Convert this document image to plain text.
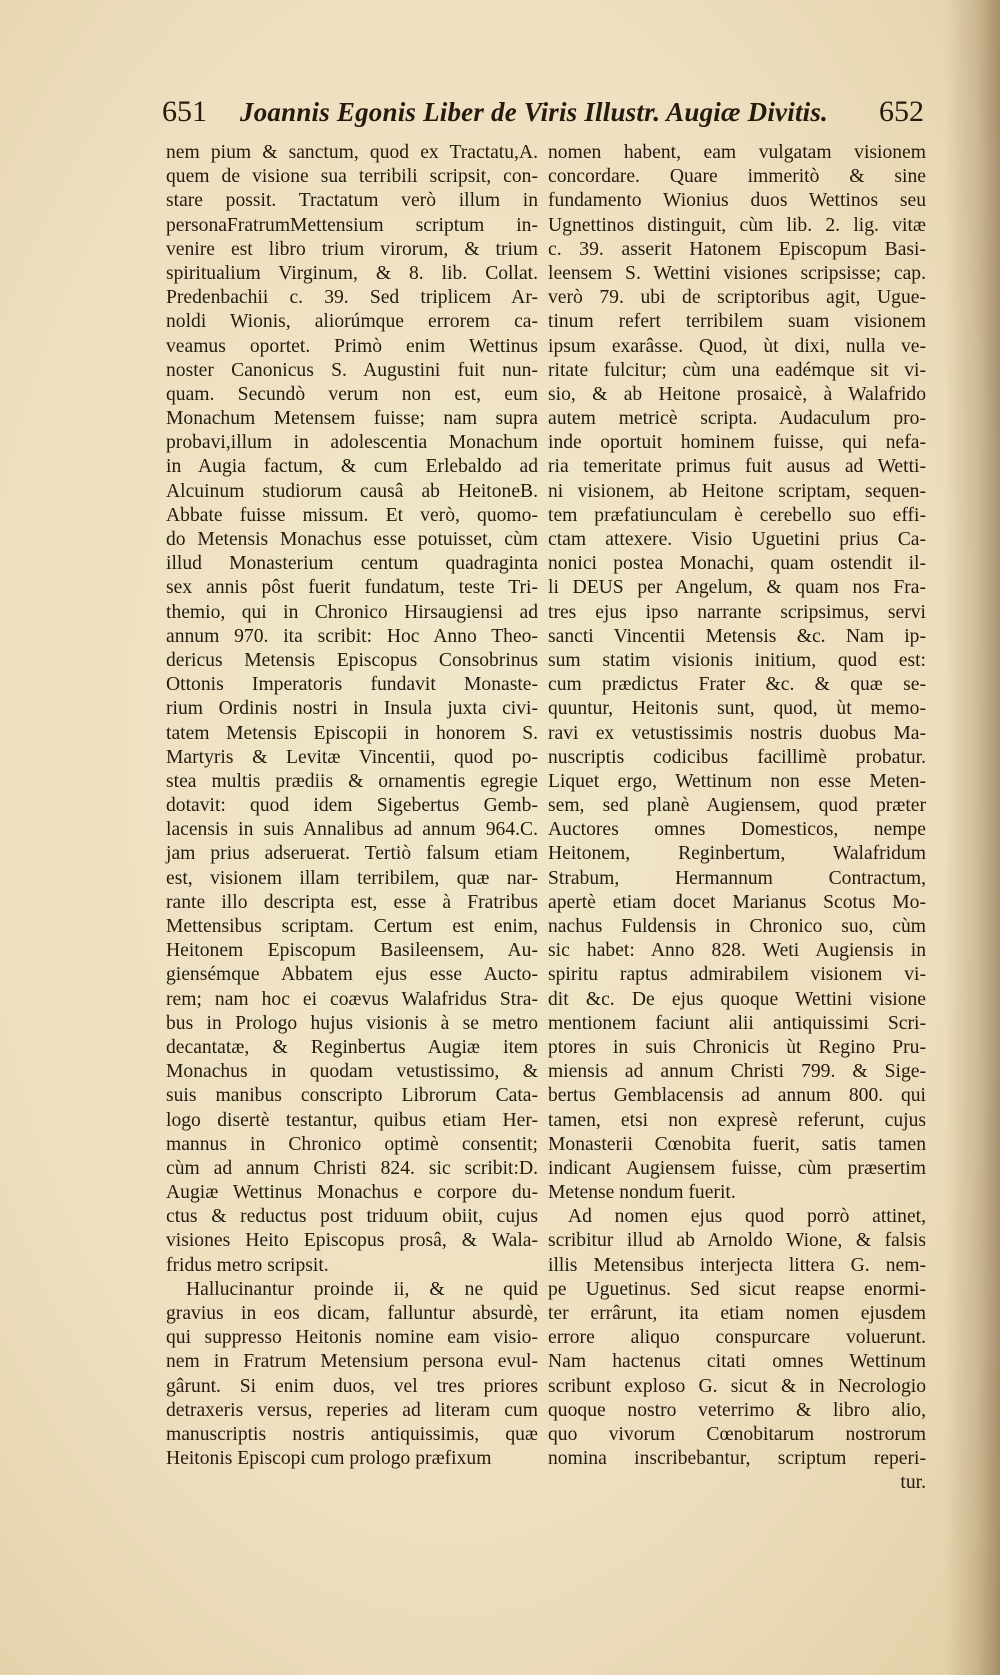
651 Joannis Egonis Liber de Viris Illustr. Augiæ Divitis. 652
nem pium & sanctum, quod ex Tractatu,A.
quem de visione sua terribili scripsit, con-
stare possit. Tractatum verò illum in
personaFratrumMettensium scriptum in-
venire est libro trium virorum, & trium
spiritualium Virginum, & 8. lib. Collat.
Predenbachii c. 39. Sed triplicem Ar-
noldi Wionis, aliorúmque errorem ca-
veamus oportet. Primò enim Wettinus
noster Canonicus S. Augustini fuit nun-
quam. Secundò verum non est, eum
Monachum Metensem fuisse; nam supra
probavi,illum in adolescentia Monachum
in Augia factum, & cum Erlebaldo ad
Alcuinum studiorum causâ ab HeitoneB.
Abbate fuisse missum. Et verò, quomo-
do Metensis Monachus esse potuisset, cùm
illud Monasterium centum quadraginta
sex annis pôst fuerit fundatum, teste Tri-
themio, qui in Chronico Hirsaugiensi ad
annum 970. ita scribit: Hoc Anno Theo-
dericus Metensis Episcopus Consobrinus
Ottonis Imperatoris fundavit Monaste-
rium Ordinis nostri in Insula juxta civi-
tatem Metensis Episcopii in honorem S.
Martyris & Levitæ Vincentii, quod po-
stea multis prædiis & ornamentis egregie
dotavit: quod idem Sigebertus Gemb-
lacensis in suis Annalibus ad annum 964.C.
jam prius adseruerat. Tertiò falsum etiam
est, visionem illam terribilem, quæ nar-
rante illo descripta est, esse à Fratribus
Mettensibus scriptam. Certum est enim,
Heitonem Episcopum Basileensem, Au-
giensémque Abbatem ejus esse Aucto-
rem; nam hoc ei coævus Walafridus Stra-
bus in Prologo hujus visionis à se metro
decantatæ, & Reginbertus Augiæ item
Monachus in quodam vetustissimo, &
suis manibus conscripto Librorum Cata-
logo disertè testantur, quibus etiam Her-
mannus in Chronico optimè consentit;
cùm ad annum Christi 824. sic scribit:D.
Augiæ Wettinus Monachus e corpore du-
ctus & reductus post triduum obiit, cujus
visiones Heito Episcopus prosâ, & Wala-
fridus metro scripsit.
Hallucinantur proinde ii, & ne quid
gravius in eos dicam, falluntur absurdè,
qui suppresso Heitonis nomine eam visio-
nem in Fratrum Metensium persona evul-
gârunt. Si enim duos, vel tres priores
detraxeris versus, reperies ad literam cum
manuscriptis nostris antiquissimis, quæ
Heitonis Episcopi cum prologo præfixum
nomen habent, eam vulgatam visionem
concordare. Quare immeritò & sine
fundamento Wionius duos Wettinos seu
Ugnettinos distinguit, cùm lib. 2. lig. vitæ
c. 39. asserit Hatonem Episcopum Basi-
leensem S. Wettini visiones scripsisse; cap.
verò 79. ubi de scriptoribus agit, Ugue-
tinum refert terribilem suam visionem
ipsum exarâsse. Quod, ùt dixi, nulla ve-
ritate fulcitur; cùm una eadémque sit vi-
sio, & ab Heitone prosaicè, à Walafrido
autem metricè scripta. Audaculum pro-
inde oportuit hominem fuisse, qui nefa-
ria temeritate primus fuit ausus ad Wetti-
ni visionem, ab Heitone scriptam, sequen-
tem præfatiunculam è cerebello suo effi-
ctam attexere. Visio Uguetini prius Ca-
nonici postea Monachi, quam ostendit il-
li DEUS per Angelum, & quam nos Fra-
tres ejus ipso narrante scripsimus, servi
sancti Vincentii Metensis &c. Nam ip-
sum statim visionis initium, quod est:
cum prædictus Frater &c. & quæ se-
quuntur, Heitonis sunt, quod, ùt memo-
ravi ex vetustissimis nostris duobus Ma-
nuscriptis codicibus facillimè probatur.
Liquet ergo, Wettinum non esse Meten-
sem, sed planè Augiensem, quod præter
Auctores omnes Domesticos, nempe
Heitonem, Reginbertum, Walafridum
Strabum, Hermannum Contractum,
apertè etiam docet Marianus Scotus Mo-
nachus Fuldensis in Chronico suo, cùm
sic habet: Anno 828. Weti Augiensis in
spiritu raptus admirabilem visionem vi-
dit &c. De ejus quoque Wettini visione
mentionem faciunt alii antiquissimi Scri-
ptores in suis Chronicis ùt Regino Pru-
miensis ad annum Christi 799. & Sige-
bertus Gemblacensis ad annum 800. qui
tamen, etsi non expresè referunt, cujus
Monasterii Cœnobita fuerit, satis tamen
indicant Augiensem fuisse, cùm præsertim
Metense nondum fuerit.
Ad nomen ejus quod porrò attinet,
scribitur illud ab Arnoldo Wione, & falsis
illis Metensibus interjecta littera G. nem-
pe Uguetinus. Sed sicut reapse enormi-
ter errârunt, ita etiam nomen ejusdem
errore aliquo conspurcare voluerunt.
Nam hactenus citati omnes Wettinum
scribunt exploso G. sicut & in Necrologio
quoque nostro veterrimo & libro alio,
quo vivorum Cœnobitarum nostrorum
nomina inscribebantur, scriptum reperi-
tur.
